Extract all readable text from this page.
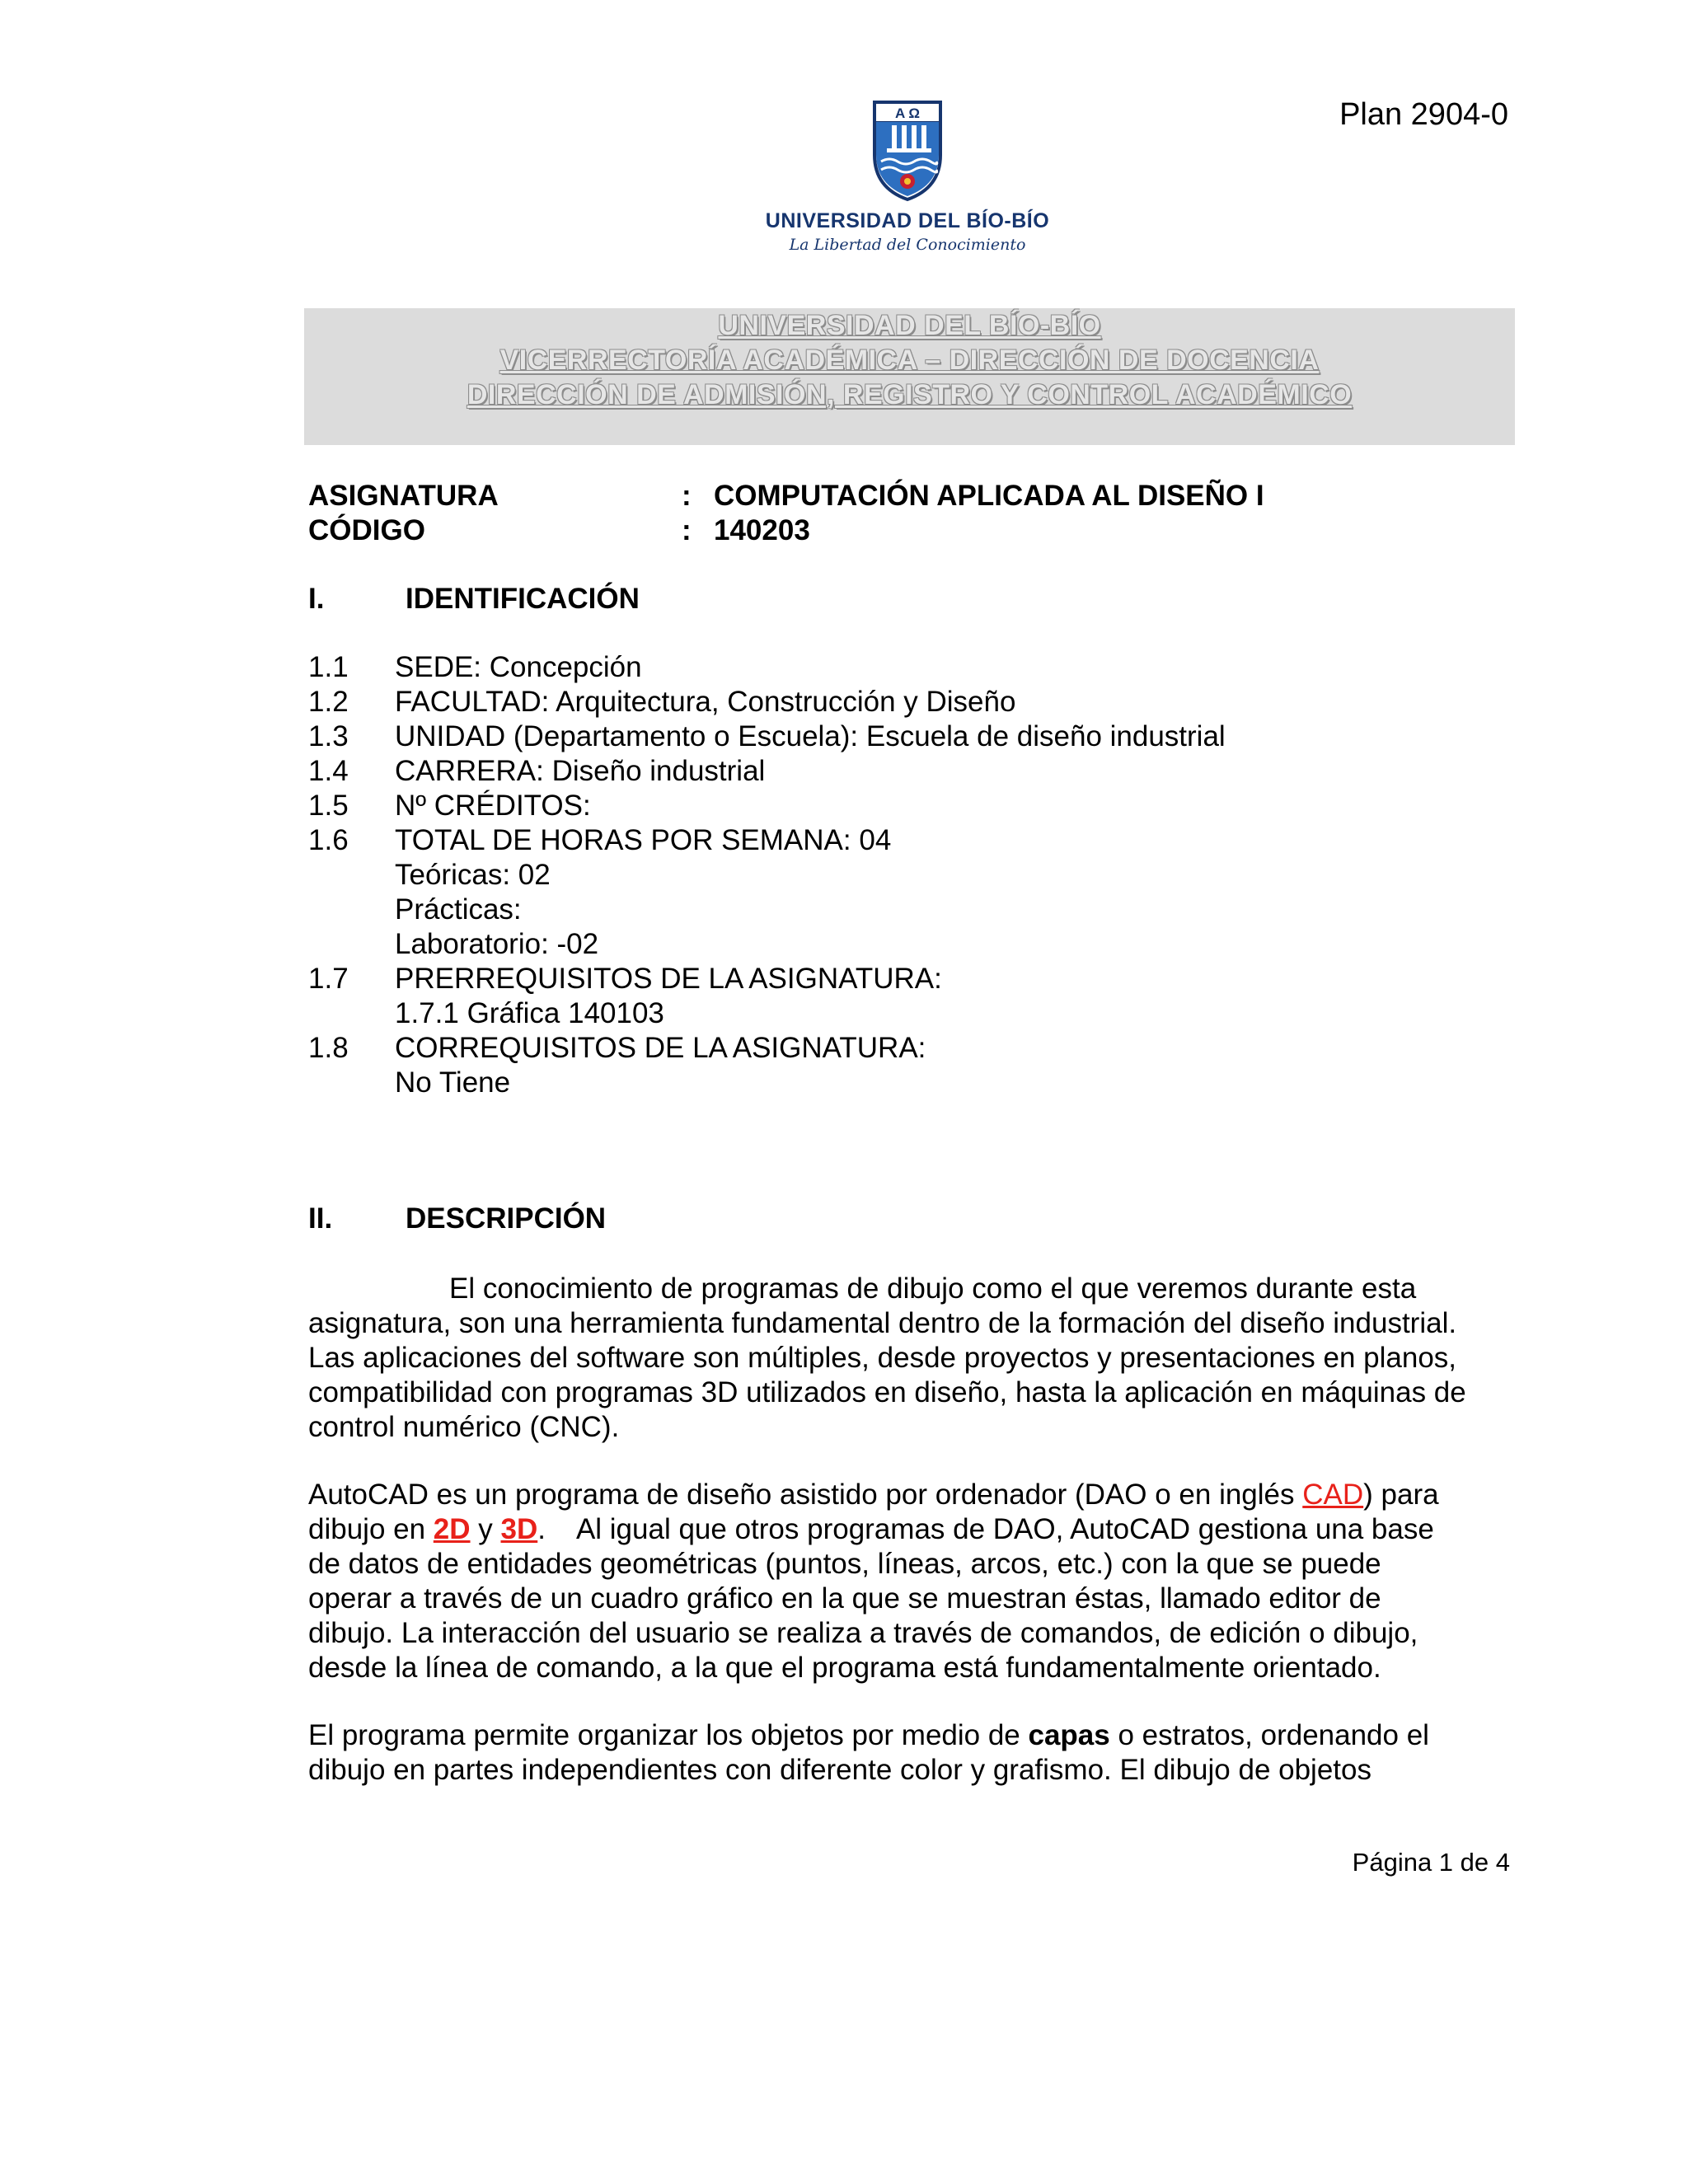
Plan 2904-0
A Ω
UNIVERSIDAD DEL BÍO-BÍO
La Libertad del Conocimiento
UNIVERSIDAD DEL BÍO-BÍO
VICERRECTORÍA ACADÉMICA – DIRECCIÓN DE DOCENCIA
DIRECCIÓN DE ADMISIÓN, REGISTRO Y CONTROL ACADÉMICO
ASIGNATURA	: COMPUTACIÓN APLICADA AL DISEÑO I
CÓDIGO	: 140203
I.	IDENTIFICACIÓN
1.1 SEDE: Concepción
1.2 FACULTAD: Arquitectura, Construcción y Diseño
1.3 UNIDAD (Departamento o Escuela): Escuela de diseño industrial
1.4 CARRERA: Diseño industrial
1.5 Nº CRÉDITOS:
1.6 TOTAL DE HORAS POR SEMANA: 04
Teóricas: 02
Prácticas:
Laboratorio: -02
1.7 PRERREQUISITOS DE LA ASIGNATURA:
1.7.1 Gráfica 140103
1.8 CORREQUISITOS DE LA ASIGNATURA:
No Tiene
II.	DESCRIPCIÓN
El conocimiento de programas de dibujo como el que veremos durante esta
asignatura, son una herramienta fundamental dentro de la formación del diseño industrial.
Las aplicaciones del software son múltiples, desde proyectos y presentaciones en planos,
compatibilidad con programas 3D utilizados en diseño, hasta la aplicación en máquinas de
control numérico (CNC).
AutoCAD es un programa de diseño asistido por ordenador (DAO o en inglés CAD) para
dibujo en 2D y 3D.    Al igual que otros programas de DAO, AutoCAD gestiona una base
de datos de entidades geométricas (puntos, líneas, arcos, etc.) con la que se puede
operar a través de un cuadro gráfico en la que se muestran éstas, llamado editor de
dibujo. La interacción del usuario se realiza a través de comandos, de edición o dibujo,
desde la línea de comando, a la que el programa está fundamentalmente orientado.
El programa permite organizar los objetos por medio de capas o estratos, ordenando el
dibujo en partes independientes con diferente color y grafismo. El dibujo de objetos
Página 1 de 4
